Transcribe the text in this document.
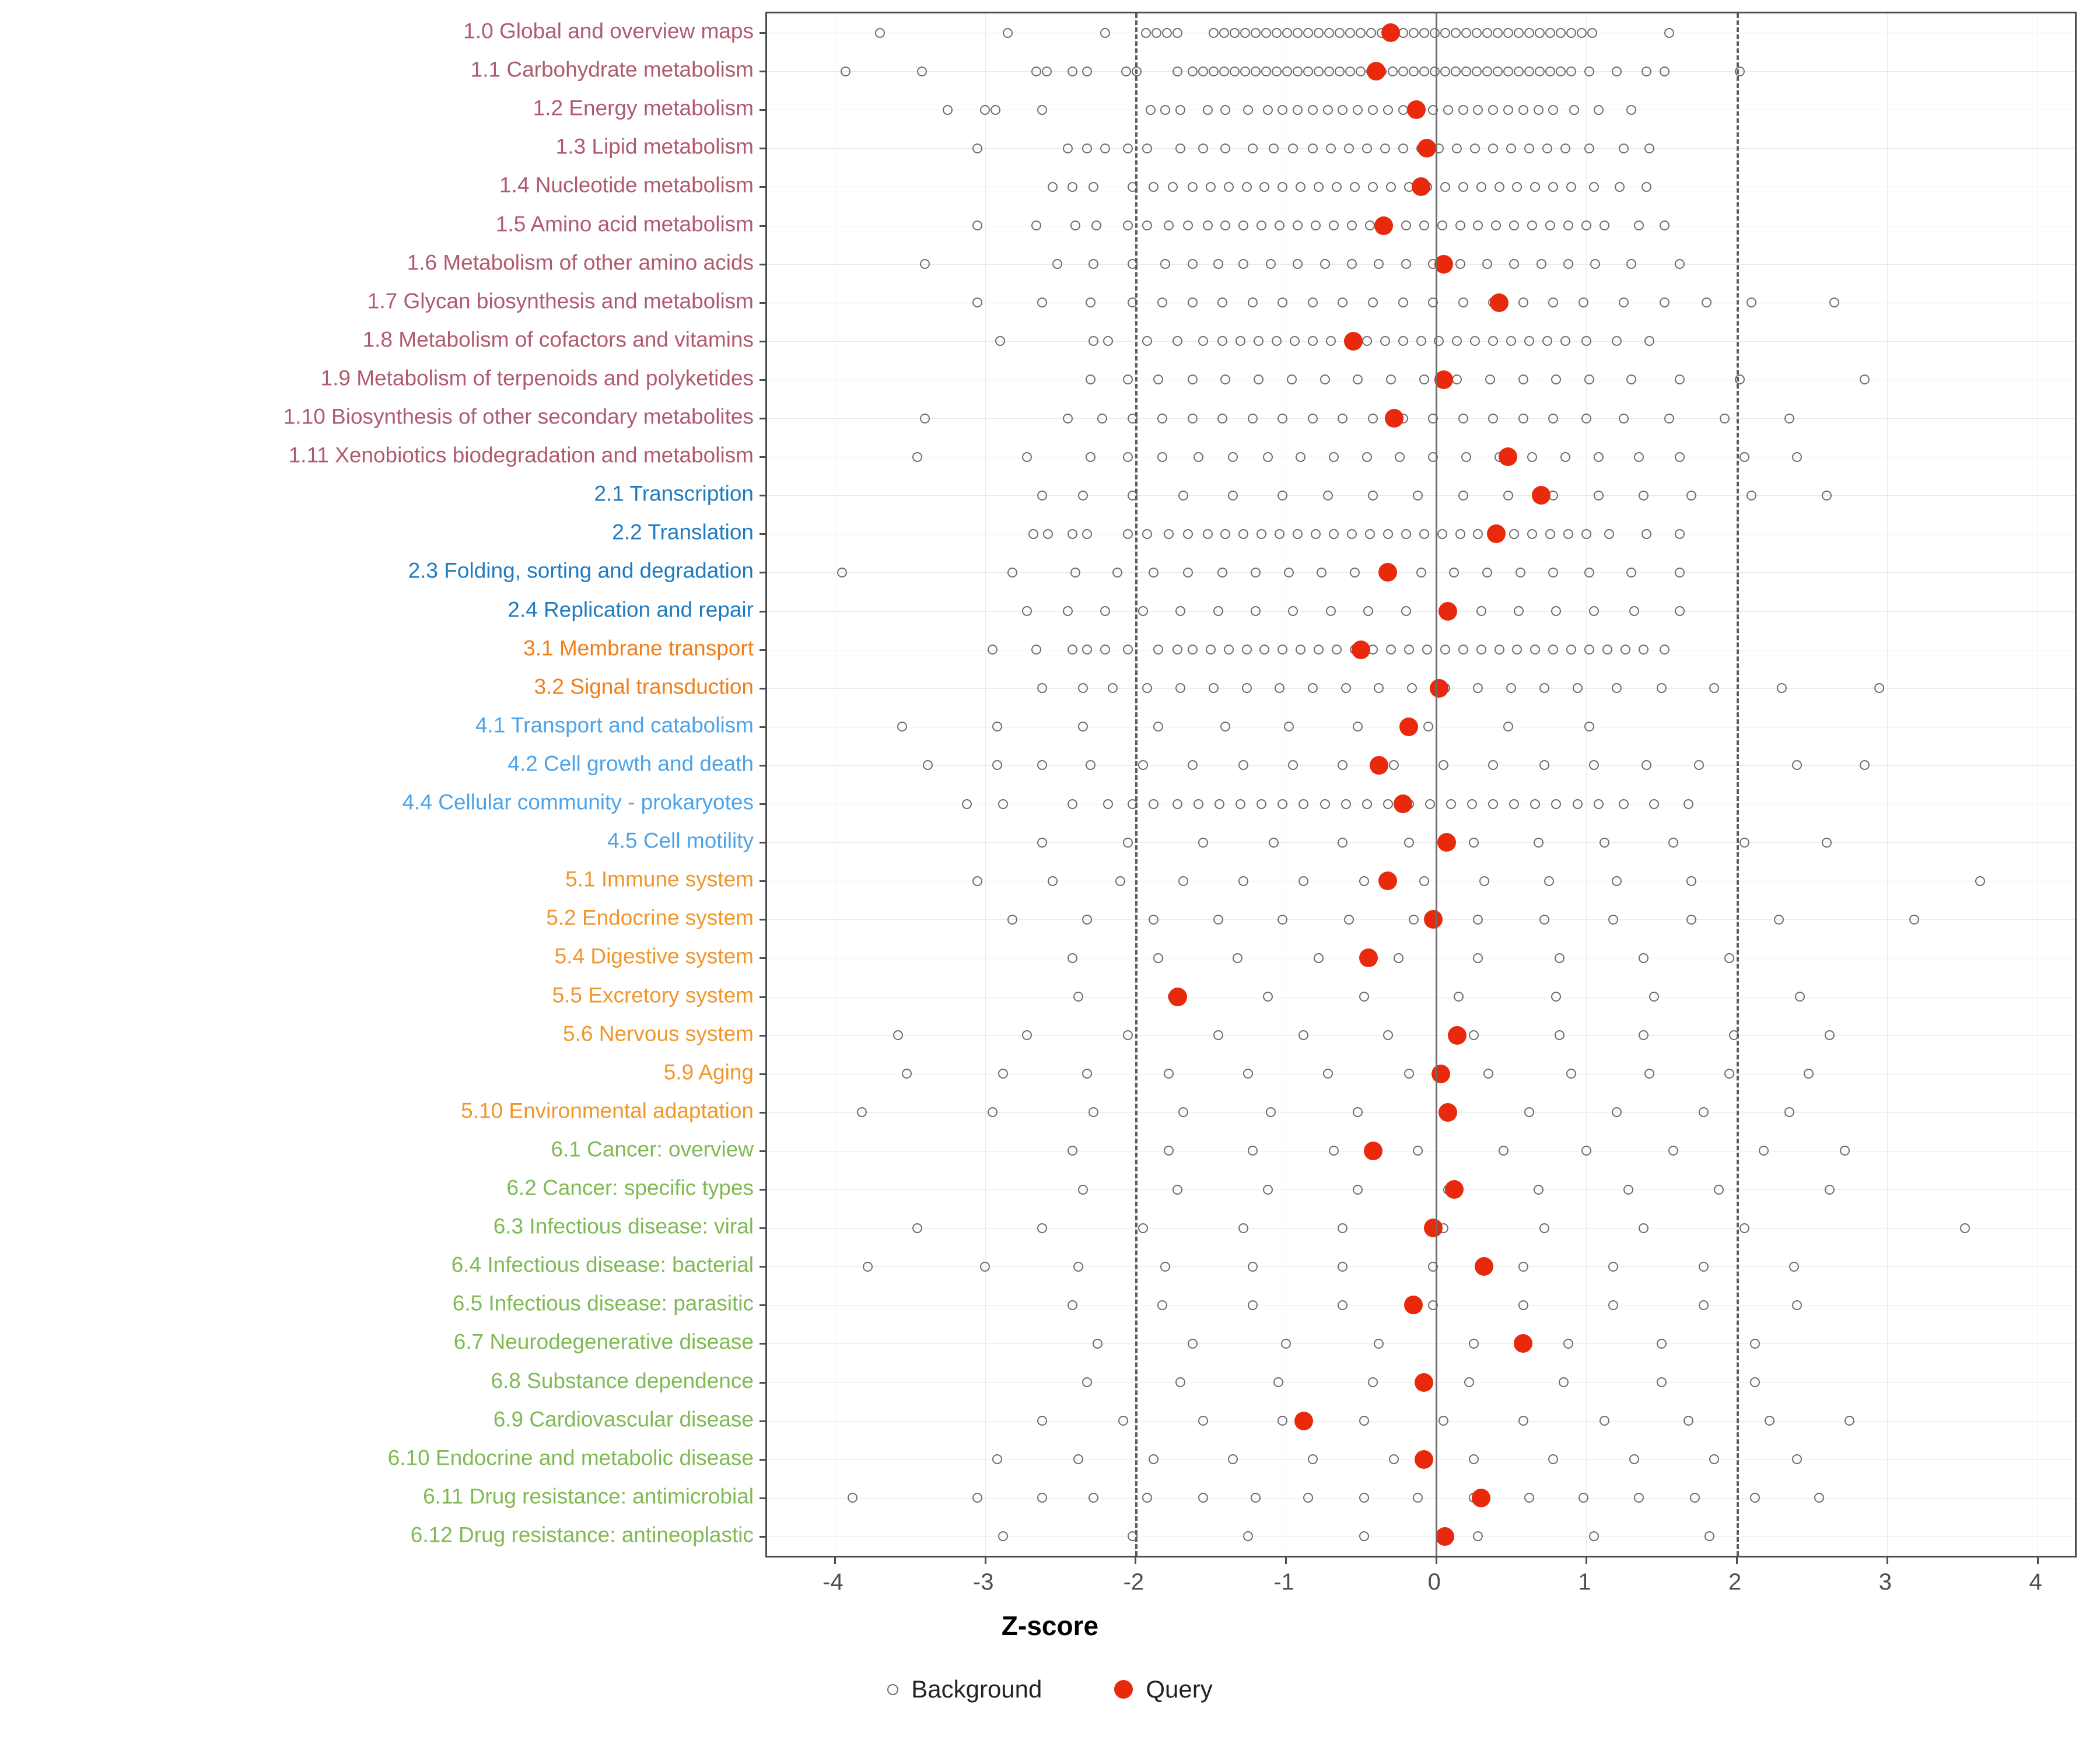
Z-score
Background	Query
1.0 Global and overview maps
1.1 Carbohydrate metabolism
1.2 Energy metabolism
1.3 Lipid metabolism
1.4 Nucleotide metabolism
1.5 Amino acid metabolism
1.6 Metabolism of other amino acids
1.7 Glycan biosynthesis and metabolism
1.8 Metabolism of cofactors and vitamins
1.9 Metabolism of terpenoids and polyketides
1.10 Biosynthesis of other secondary metabolites
1.11 Xenobiotics biodegradation and metabolism
2.1 Transcription
2.2 Translation
2.3 Folding, sorting and degradation
2.4 Replication and repair
3.1 Membrane transport
3.2 Signal transduction
4.1 Transport and catabolism
4.2 Cell growth and death
4.4 Cellular community - prokaryotes
4.5 Cell motility
5.1 Immune system
5.2 Endocrine system
5.4 Digestive system
5.5 Excretory system
5.6 Nervous system
5.9 Aging
5.10 Environmental adaptation
6.1 Cancer: overview
6.2 Cancer: specific types
6.3 Infectious disease: viral
6.4 Infectious disease: bacterial
6.5 Infectious disease: parasitic
6.7 Neurodegenerative disease
6.8 Substance dependence
6.9 Cardiovascular disease
6.10 Endocrine and metabolic disease
6.11 Drug resistance: antimicrobial
6.12 Drug resistance: antineoplastic
-4	-3	-2	-1	0	1	2	3	4
